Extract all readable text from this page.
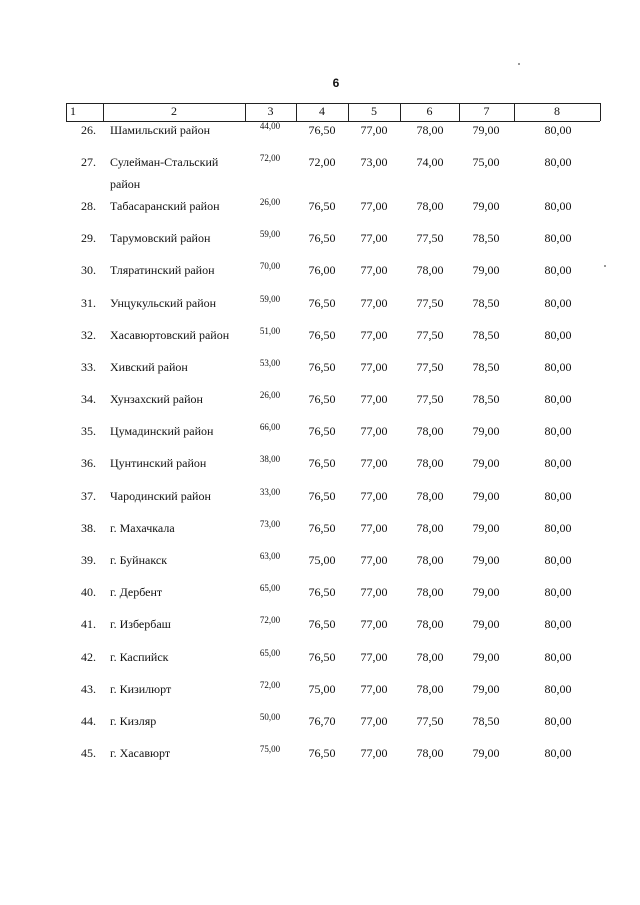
6
1	2	3	4	5	6	7	8
26. Шамильский район	44,00	76,50	77,00	78,00	79,00	80,00
27. Сулейман-Стальский	72,00	72,00	73,00	74,00	75,00	80,00
район
28. Табасаранский район	26,00	76,50	77,00	78,00	79,00	80,00
29. Тарумовский район	59,00	76,50	77,00	77,50	78,50	80,00
30. Тляратинский район	70,00	76,00	77,00	78,00	79,00	80,00
31. Унцукульский район	59,00	76,50	77,00	77,50	78,50	80,00
32. Хасавюртовский район	51,00	76,50	77,00	77,50	78,50	80,00
33. Хивский район	53,00	76,50	77,00	77,50	78,50	80,00
34. Хунзахский район	26,00	76,50	77,00	77,50	78,50	80,00
35. Цумадинский район	66,00	76,50	77,00	78,00	79,00	80,00
36. Цунтинский район	38,00	76,50	77,00	78,00	79,00	80,00
37. Чародинский район	33,00	76,50	77,00	78,00	79,00	80,00
38. г. Махачкала	73,00	76,50	77,00	78,00	79,00	80,00
39. г. Буйнакск	63,00	75,00	77,00	78,00	79,00	80,00
40. г. Дербент	65,00	76,50	77,00	78,00	79,00	80,00
41. г. Избербаш	72,00	76,50	77,00	78,00	79,00	80,00
42. г. Каспийск	65,00	76,50	77,00	78,00	79,00	80,00
43. г. Кизилюрт	72,00	75,00	77,00	78,00	79,00	80,00
44. г. Кизляр	50,00	76,70	77,00	77,50	78,50	80,00
45. г. Хасавюрт	75,00	76,50	77,00	78,00	79,00	80,00
